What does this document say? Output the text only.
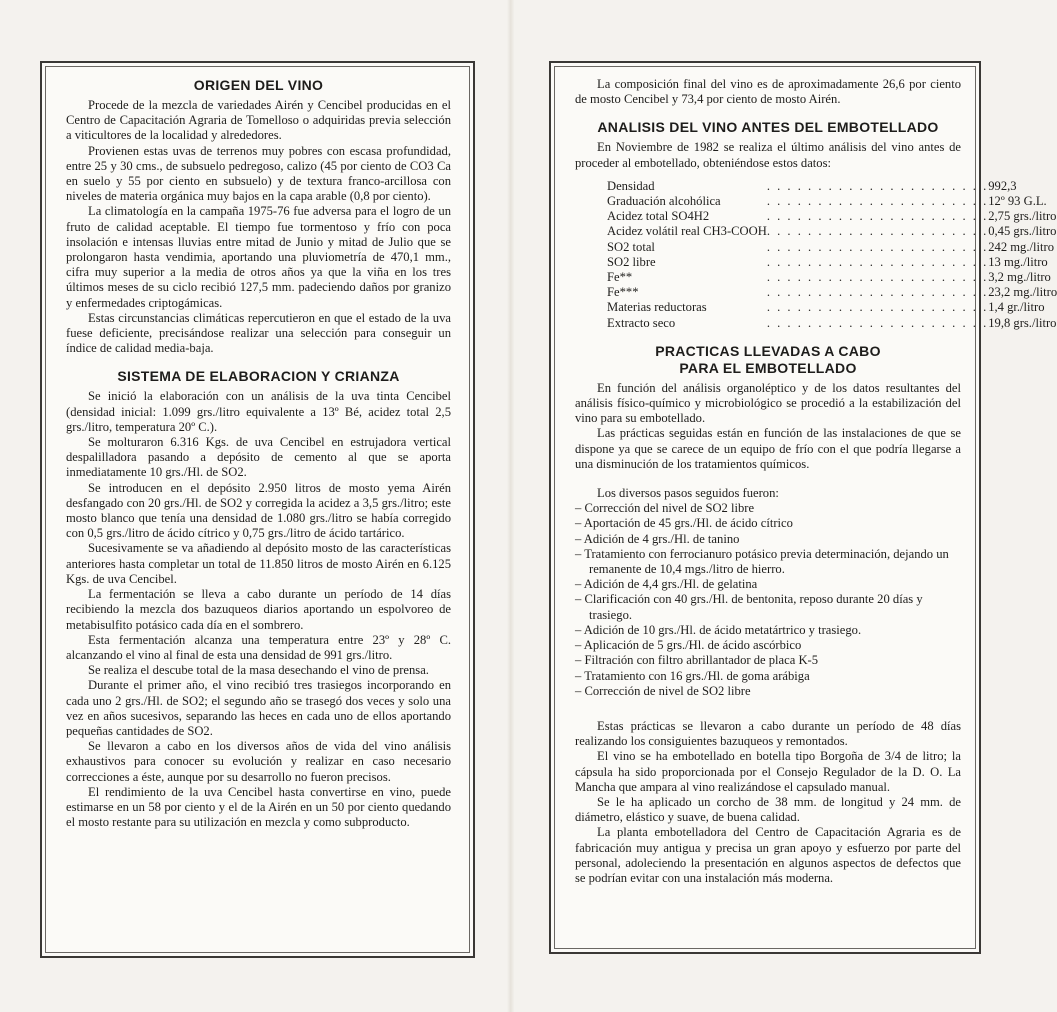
ORIGEN DEL VINO

Procede de la mezcla de variedades Airén y Cencibel producidas en el Centro de Capacitación Agraria de Tomelloso o adquiridas previa selección a viticultores de la localidad y alrededores.

Provienen estas uvas de terrenos muy pobres con escasa profundidad, entre 25 y 30 cms., de subsuelo pedregoso, calizo (45 por ciento de CO3 Ca en suelo y 55 por ciento en subsuelo) y de textura franco-arcillosa con niveles de materia orgánica muy bajos en la capa arable (0,8 por ciento).

La climatología en la campaña 1975-76 fue adversa para el logro de un fruto de calidad aceptable. El tiempo fue tormentoso y frío con poca insolación e intensas lluvias entre mitad de Junio y mitad de Julio que se prolongaron hasta vendimia, aportando una pluviometría de 470,1 mm., cifra muy superior a la media de otros años ya que la viña en los tres últimos meses de su ciclo recibió 127,5 mm. padeciendo daños por granizo y enfermedades criptogámicas.

Estas circunstancias climáticas repercutieron en que el estado de la uva fuese deficiente, precisándose realizar una selección para conseguir un índice de calidad media-baja.

SISTEMA DE ELABORACION Y CRIANZA

Se inició la elaboración con un análisis de la uva tinta Cencibel (densidad inicial: 1.099 grs./litro equivalente a 13º Bé, acidez total 2,5 grs./litro, temperatura 20º C.).

Se molturaron 6.316 Kgs. de uva Cencibel en estrujadora vertical despalilladora pasando a depósito de cemento al que se aporta inmediatamente 10 grs./Hl. de SO2.

Se introducen en el depósito 2.950 litros de mosto yema Airén desfangado con 20 grs./Hl. de SO2 y corregida la acidez a 3,5 grs./litro; este mosto blanco que tenía una densidad de 1.080 grs./litro se había corregido con 0,5 grs./litro de ácido cítrico y 0,75 grs./litro de ácido tartárico.

Sucesivamente se va añadiendo al depósito mosto de las características anteriores hasta completar un total de 11.850 litros de mosto Airén en 6.125 Kgs. de uva Cencibel.

La fermentación se lleva a cabo durante un período de 14 días recibiendo la mezcla dos bazuqueos diarios aportando un espolvoreo de metabisulfito potásico cada día en el sombrero.

Esta fermentación alcanza una temperatura entre 23º y 28º C. alcanzando el vino al final de esta una densidad de 991 grs./litro.

Se realiza el descube total de la masa desechando el vino de prensa.

Durante el primer año, el vino recibió tres trasiegos incorporando en cada uno 2 grs./Hl. de SO2; el segundo año se trasegó dos veces y solo una vez en años sucesivos, separando las heces en cada uno de ellos aportando pequeñas cantidades de SO2.

Se llevaron a cabo en los diversos años de vida del vino análisis exhaustivos para conocer su evolución y realizar en caso necesario correcciones a éste, aunque por su desarrollo no fueron precisos.

El rendimiento de la uva Cencibel hasta convertirse en vino, puede estimarse en un 58 por ciento y el de la Airén en un 50 por ciento quedando el mosto restante para su utilización en mezcla y como subproducto.

La composición final del vino es de aproximadamente 26,6 por ciento de mosto Cencibel y 73,4 por ciento de mosto Airén.

ANALISIS DEL VINO ANTES DEL EMBOTELLADO

En Noviembre de 1982 se realiza el último análisis del vino antes de proceder al embotellado, obteniéndose estos datos:

Densidad	. . . . . . . . . . . . . . . . . . . . . .	992,3
Graduación alcohólica	. . . . . . . . . . . . . . . . . . . . . .	12º 93 G.L.
Acidez total SO4H2	. . . . . . . . . . . . . . . . . . . . . .	2,75 grs./litro
Acidez volátil real CH3-COOH	. . . . . . . . . . . . . . . . . . . . . .	0,45 grs./litro
SO2 total	. . . . . . . . . . . . . . . . . . . . . .	242 mg./litro
SO2 libre	. . . . . . . . . . . . . . . . . . . . . .	13 mg./litro
Fe**	. . . . . . . . . . . . . . . . . . . . . .	3,2 mg./litro
Fe***	. . . . . . . . . . . . . . . . . . . . . .	23,2 mg./litro
Materias reductoras	. . . . . . . . . . . . . . . . . . . . . .	1,4 gr./litro
Extracto seco	. . . . . . . . . . . . . . . . . . . . . .	19,8 grs./litro
PRACTICAS LLEVADAS A CABO
PARA EL EMBOTELLADO

En función del análisis organoléptico y de los datos resultantes del análisis físico-químico y microbiológico se procedió a la estabilización del vino para su embotellado.

Las prácticas seguidas están en función de las instalaciones de que se dispone ya que se carece de un equipo de frío con el que podría llegarse a una disminución de los tratamientos químicos.

Los diversos pasos seguidos fueron:

– Corrección del nivel de SO2 libre
– Aportación de 45 grs./Hl. de ácido cítrico
– Adición de 4 grs./Hl. de tanino
– Tratamiento con ferrocianuro potásico previa determinación, dejando un remanente de 10,4 mgs./litro de hierro.
– Adición de 4,4 grs./Hl. de gelatina
– Clarificación con 40 grs./Hl. de bentonita, reposo durante 20 días y trasiego.
– Adición de 10 grs./Hl. de ácido metatártrico y trasiego.
– Aplicación de 5 grs./Hl. de ácido ascórbico
– Filtración con filtro abrillantador de placa K-5
– Tratamiento con 16 grs./Hl. de goma arábiga
– Corrección de nivel de SO2 libre

Estas prácticas se llevaron a cabo durante un período de 48 días realizando los consiguientes bazuqueos y remontados.

El vino se ha embotellado en botella tipo Borgoña de 3/4 de litro; la cápsula ha sido proporcionada por el Consejo Regulador de la D. O. La Mancha que ampara al vino realizándose el capsulado manual.

Se le ha aplicado un corcho de 38 mm. de longitud y 24 mm. de diámetro, elástico y suave, de buena calidad.

La planta embotelladora del Centro de Capacitación Agraria es de fabricación muy antigua y precisa un gran apoyo y esfuerzo por parte del personal, adoleciendo la presentación en algunos aspectos de defectos que se podrían evitar con una instalación más moderna.
